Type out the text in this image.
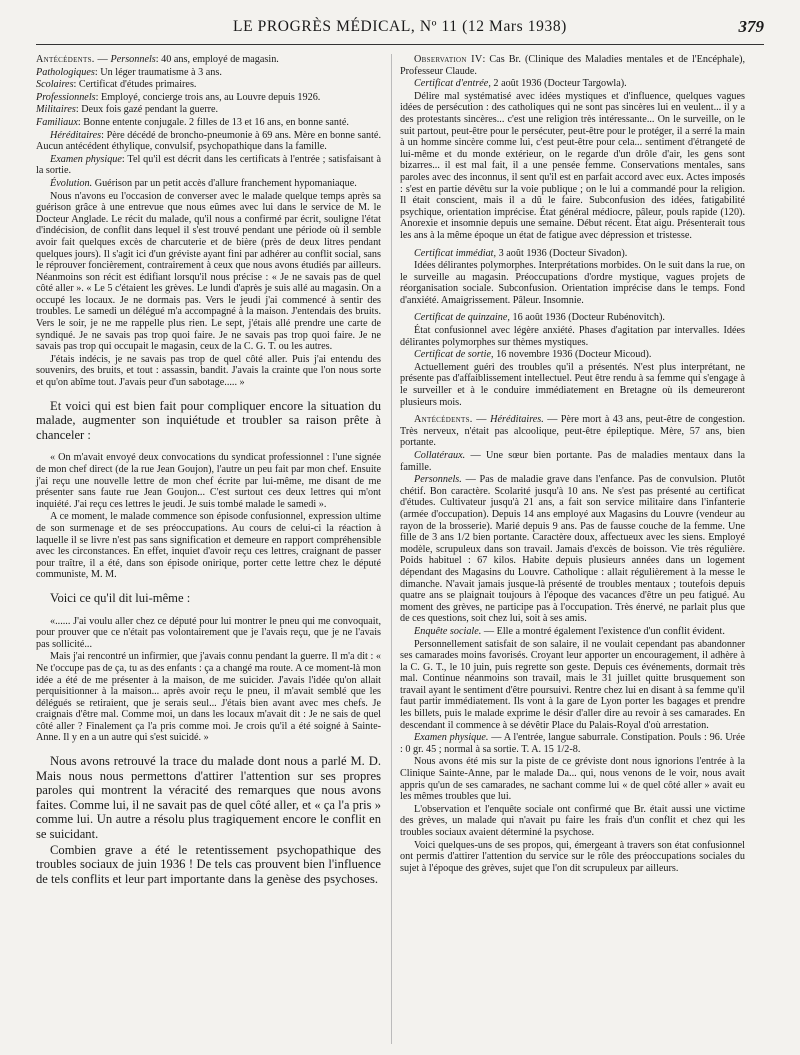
LE PROGRÈS MÉDICAL, Nº 11 (12 Mars 1938)	379

Antécédents. — Personnels: 40 ans, employé de magasin.

Pathologiques: Un léger traumatisme à 3 ans.

Scolaires: Certificat d'études primaires.

Professionnels: Employé, concierge trois ans, au Louvre depuis 1926.

Militaires: Deux fois gazé pendant la guerre.

Familiaux: Bonne entente conjugale. 2 filles de 13 et 16 ans, en bonne santé.

Héréditaires: Père décédé de broncho-pneumonie à 69 ans. Mère en bonne santé. Aucun antécédent éthylique, convulsif, psychopathique dans la famille.

Examen physique: Tel qu'il est décrit dans les certificats à l'entrée ; satisfaisant à la sortie.

Évolution. Guérison par un petit accès d'allure franchement hypomaniaque.

Nous n'avons eu l'occasion de converser avec le malade quelque temps après sa guérison grâce à une entrevue que nous eûmes avec lui dans le service de M. le Docteur Anglade. Le récit du malade, qu'il nous a confirmé par écrit, souligne l'état d'indécision, de conflit dans lequel il s'est trouvé pendant une période où il semble avoir fait quelques excès de charcuterie et de bière (près de deux litres pendant quelques jours). Il s'agit ici d'un gréviste ayant fini par adhérer au conflit social, sans le réprouver foncièrement, contrairement à ceux que nous avons étudiés par ailleurs. Néanmoins son récit est édifiant lorsqu'il nous précise : « Je ne savais pas de quel côté aller ». « Le 5 c'étaient les grèves. Le lundi d'après je suis allé au magasin. On a occupé les locaux. Je ne dormais pas. Vers le jeudi j'ai commencé à sentir des troubles. Le samedi un délégué m'a accompagné à la maison. J'entendais des bruits. Vers le soir, je ne me rappelle plus rien. Le sept, j'étais allé prendre une carte de syndiqué. Je ne savais pas trop quoi faire. Je ne savais pas trop quoi faire. Je ne savais pas trop qui occupait le magasin, ceux de la C. G. T. ou les autres.

J'étais indécis, je ne savais pas trop de quel côté aller. Puis j'ai entendu des souvenirs, des bruits, et tout : assassin, bandit. J'avais la crainte que l'on nous sorte et qu'on abîme tout. J'avais peur d'un sabotage..... »

Et voici qui est bien fait pour compliquer encore la situation du malade, augmenter son inquiétude et troubler sa raison prête à chanceler :

« On m'avait envoyé deux convocations du syndicat professionnel : l'une signée de mon chef direct (de la rue Jean Goujon), l'autre un peu fait par mon chef. Ensuite j'ai reçu une nouvelle lettre de mon chef écrite par lui-même, me disant de me présenter sans faute rue Jean Goujon... C'est surtout ces deux lettres qui m'ont inquiété. J'ai reçu ces lettres le jeudi. Je suis tombé malade le samedi ».

A ce moment, le malade commence son épisode confusionnel, expression ultime de son surmenage et de ses préoccupations. Au cours de celui-ci la réaction à laquelle il se livre n'est pas sans signification et demeure en rapport compréhensible avec les circonstances. En effet, inquiet d'avoir reçu ces lettres, craignant de passer pour traître, il a été, dans son épisode onirique, porter cette lettre chez le député communiste, M. M.

Voici ce qu'il dit lui-même :

«...... J'ai voulu aller chez ce député pour lui montrer le pneu qui me convoquait, pour prouver que ce n'était pas volontairement que je l'avais reçu, que je ne l'avais pas sollicité...

Mais j'ai rencontré un infirmier, que j'avais connu pendant la guerre. Il m'a dit : « Ne t'occupe pas de ça, tu as des enfants : ça a changé ma route. A ce moment-là mon idée a été de me présenter à la maison, de me suicider. J'avais l'idée qu'on allait perquisitionner à la maison... après avoir reçu le pneu, il m'avait semblé que les délégués se retiraient, que je serais seul... J'étais bien avant avec mes chefs. Je craignais d'être mal. Comme moi, un dans les locaux m'avait dit : Je ne sais de quel côté aller ? Finalement ça l'a pris comme moi. Je crois qu'il a été soigné à Sainte-Anne. Il y en a un autre qui s'est suicidé. »

Nous avons retrouvé la trace du malade dont nous a parlé M. D. Mais nous nous permettons d'attirer l'attention sur ses propres paroles qui montrent la véracité des remarques que nous avons faites. Comme lui, il ne savait pas de quel côté aller, et « ça l'a pris » comme lui. Un autre a résolu plus tragiquement encore le conflit en se suicidant.

Combien grave a été le retentissement psychopathique des troubles sociaux de juin 1936 ! De tels cas prouvent bien l'influence de tels conflits et leur part importante dans la genèse des psychoses.

Observation IV: Cas Br. (Clinique des Maladies mentales et de l'Encéphale), Professeur Claude.

Certificat d'entrée, 2 août 1936 (Docteur Targowla).

Délire mal systématisé avec idées mystiques et d'influence, quelques vagues idées de persécution : des catholiques qui ne sont pas sincères lui en veulent... il y a des protestants sincères... c'est une religion très intéressante... On le surveille, on le suit partout, peut-être pour le persécuter, peut-être pour le protéger, il a serré la main à un homme sincère comme lui, c'est peut-être pour cela... sentiment d'étrangeté de lui-même et du monde extérieur, on le regarde d'un drôle d'air, les gens sont bizarres... il est mal fait, il a une pensée femme. Conservations mentales, sans paroles avec des inconnus, il sent qu'il est en parfait accord avec eux. Actes imposés : s'est en partie dévêtu sur la voie publique ; on le lui a commandé pour la religion. Il était conscient, mais il a dû le faire. Subconfusion des idées, fatigabilité psychique, orientation imprécise. État général médiocre, pâleur, pouls rapide (120). Anorexie et insomnie depuis une semaine. Début récent. État aigu. Présenterait tous les ans à la même époque un état de fatigue avec dépression et tristesse.

Certificat immédiat, 3 août 1936 (Docteur Sivadon).

Idées délirantes polymorphes. Interprétations morbides. On le suit dans la rue, on le surveille au magasin. Préoccupations d'ordre mystique, vagues projets de réorganisation sociale. Subconfusion. Orientation imprécise dans le temps. Fond d'anxiété. Amaigrissement. Pâleur. Insomnie.

Certificat de quinzaine, 16 août 1936 (Docteur Rubénovitch).

État confusionnel avec légère anxiété. Phases d'agitation par intervalles. Idées délirantes polymorphes sur thèmes mystiques.

Certificat de sortie, 16 novembre 1936 (Docteur Micoud).

Actuellement guéri des troubles qu'il a présentés. N'est plus interprétant, ne présente pas d'affaiblissement intellectuel. Peut être rendu à sa femme qui s'engage à le surveiller et à le conduire immédiatement en Bretagne où ils demeureront plusieurs mois.

Antécédents. — Héréditaires. — Père mort à 43 ans, peut-être de congestion. Très nerveux, n'était pas alcoolique, peut-être épileptique. Mère, 57 ans, bien portante.

Collatéraux. — Une sœur bien portante. Pas de maladies mentaux dans la famille.

Personnels. — Pas de maladie grave dans l'enfance. Pas de convulsion. Plutôt chétif. Bon caractère. Scolarité jusqu'à 10 ans. Ne s'est pas présenté au certificat d'études. Cultivateur jusqu'à 21 ans, a fait son service militaire dans l'infanterie (armée d'occupation). Depuis 14 ans employé aux Magasins du Louvre (vendeur au rayon de la brosserie). Marié depuis 9 ans. Pas de fausse couche de la femme. Une fille de 3 ans 1/2 bien portante. Caractère doux, affectueux avec les siens. Employé modèle, scrupuleux dans son travail. Jamais d'excès de boisson. Vie très régulière. Poids habituel : 67 kilos. Habite depuis plusieurs années dans un logement dépendant des Magasins du Louvre. Catholique : allait régulièrement à la messe le dimanche. N'avait jamais jusque-là présenté de troubles mentaux ; toutefois depuis quatre ans se plaignait toujours à l'époque des vacances d'être un peu fatigué. Au moment des grèves, ne participe pas à l'occupation. Très énervé, ne parlait plus que de ces questions, soit chez lui, soit à ses amis.

Enquête sociale. — Elle a montré également l'existence d'un conflit évident.

Personnellement satisfait de son salaire, il ne voulait cependant pas abandonner ses camarades moins favorisés. Croyant leur apporter un encouragement, il adhère à la C. G. T., le 10 juin, puis regrette son geste. Depuis ces événements, dormait très mal. Continue néanmoins son travail, mais le 31 juillet quitte brusquement son travail ayant le sentiment d'être poursuivi. Rentre chez lui en disant à sa femme qu'il faut partir immédiatement. Ils vont à la gare de Lyon porter les bagages et prendre les billets, puis le malade exprime le désir d'aller dire au revoir à ses camarades. En descendant il commence à se dévêtir Place du Palais-Royal d'où arrestation.

Examen physique. — A l'entrée, langue saburrale. Constipation. Pouls : 96. Urée : 0 gr. 45 ; normal à sa sortie. T. A. 15 1/2-8.

Nous avons été mis sur la piste de ce gréviste dont nous ignorions l'entrée à la Clinique Sainte-Anne, par le malade Da... qui, nous venons de le voir, nous avait appris qu'un de ses camarades, ne sachant comme lui « de quel côté aller » avait eu les mêmes troubles que lui.

L'observation et l'enquête sociale ont confirmé que Br. était aussi une victime des grèves, un malade qui n'avait pu faire les frais d'un conflit et chez qui les troubles sociaux avaient déterminé la psychose.

Voici quelques-uns de ses propos, qui, émergeant à travers son état confusionnel ont permis d'attirer l'attention du service sur le rôle des préoccupations sociales du sujet à l'époque des grèves, sujet que l'on dit scrupuleux par ailleurs.
